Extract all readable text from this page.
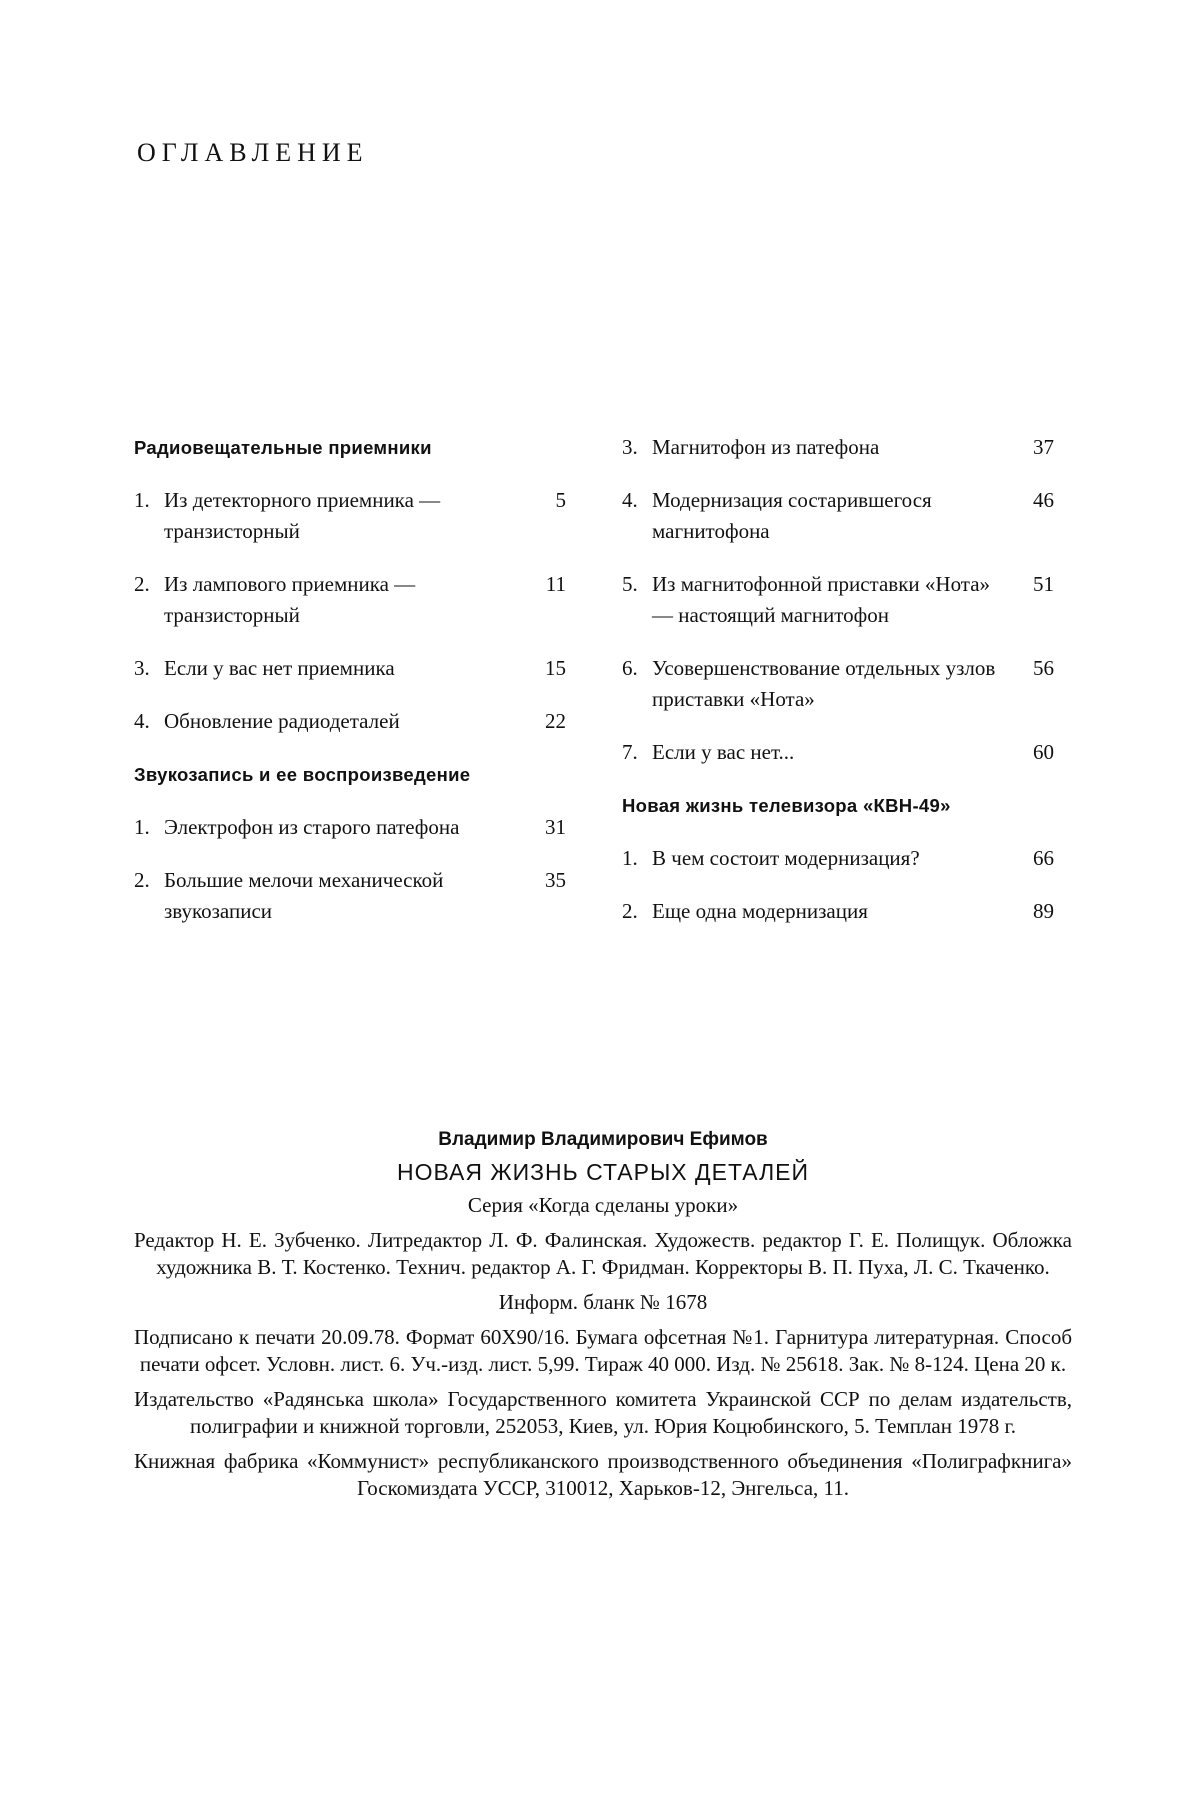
ОГЛАВЛЕНИЕ
Радиовещательные приемники
1. Из детекторного приемника — транзисторный
5
2. Из лампового приемника — транзисторный
11
3. Если у вас нет приемника	15
4. Обновление радиодеталей	22
Звукозапись и ее воспроизведение
1. Электрофон из старого патефона	31
2. Большие мелочи механической звукозаписи
35
3. Магнитофон из патефона	37
4. Модернизация состарившегося магнитофона
46
5. Из магнитофонной приставки «Нота» — настоящий магнитофон
51
6. Усовершенствование отдельных узлов приставки «Нота»
56
7. Если у вас нет...	60
Новая жизнь телевизора «КВН-49»
1. В чем состоит модернизация?	66
2. Еще одна модернизация	89
Владимир Владимирович Ефимов
НОВАЯ ЖИЗНЬ СТАРЫХ ДЕТАЛЕЙ
Серия «Когда сделаны уроки»
Редактор Н. Е. Зубченко. Литредактор Л. Ф. Фалинская. Художеств. редактор Г. Е. Полищук. Обложка художника В. Т. Костенко. Технич. редактор А. Г. Фридман. Корректоры В. П. Пуха, Л. С. Ткаченко.
Информ. бланк № 1678
Подписано к печати 20.09.78. Формат 60Х90/16. Бумага офсетная №1. Гарнитура литературная. Способ печати офсет. Условн. лист. 6. Уч.-изд. лист. 5,99. Тираж 40 000. Изд. № 25618. Зак. № 8-124. Цена 20 к.
Издательство «Радянська школа» Государственного комитета Украинской ССР по делам издательств, полиграфии и книжной торговли, 252053, Киев, ул. Юрия Коцюбинского, 5. Темплан 1978 г.
Книжная фабрика «Коммунист» республиканского производственного объединения «Полиграфкнига» Госкомиздата УССР, 310012, Харьков-12, Энгельса, 11.
